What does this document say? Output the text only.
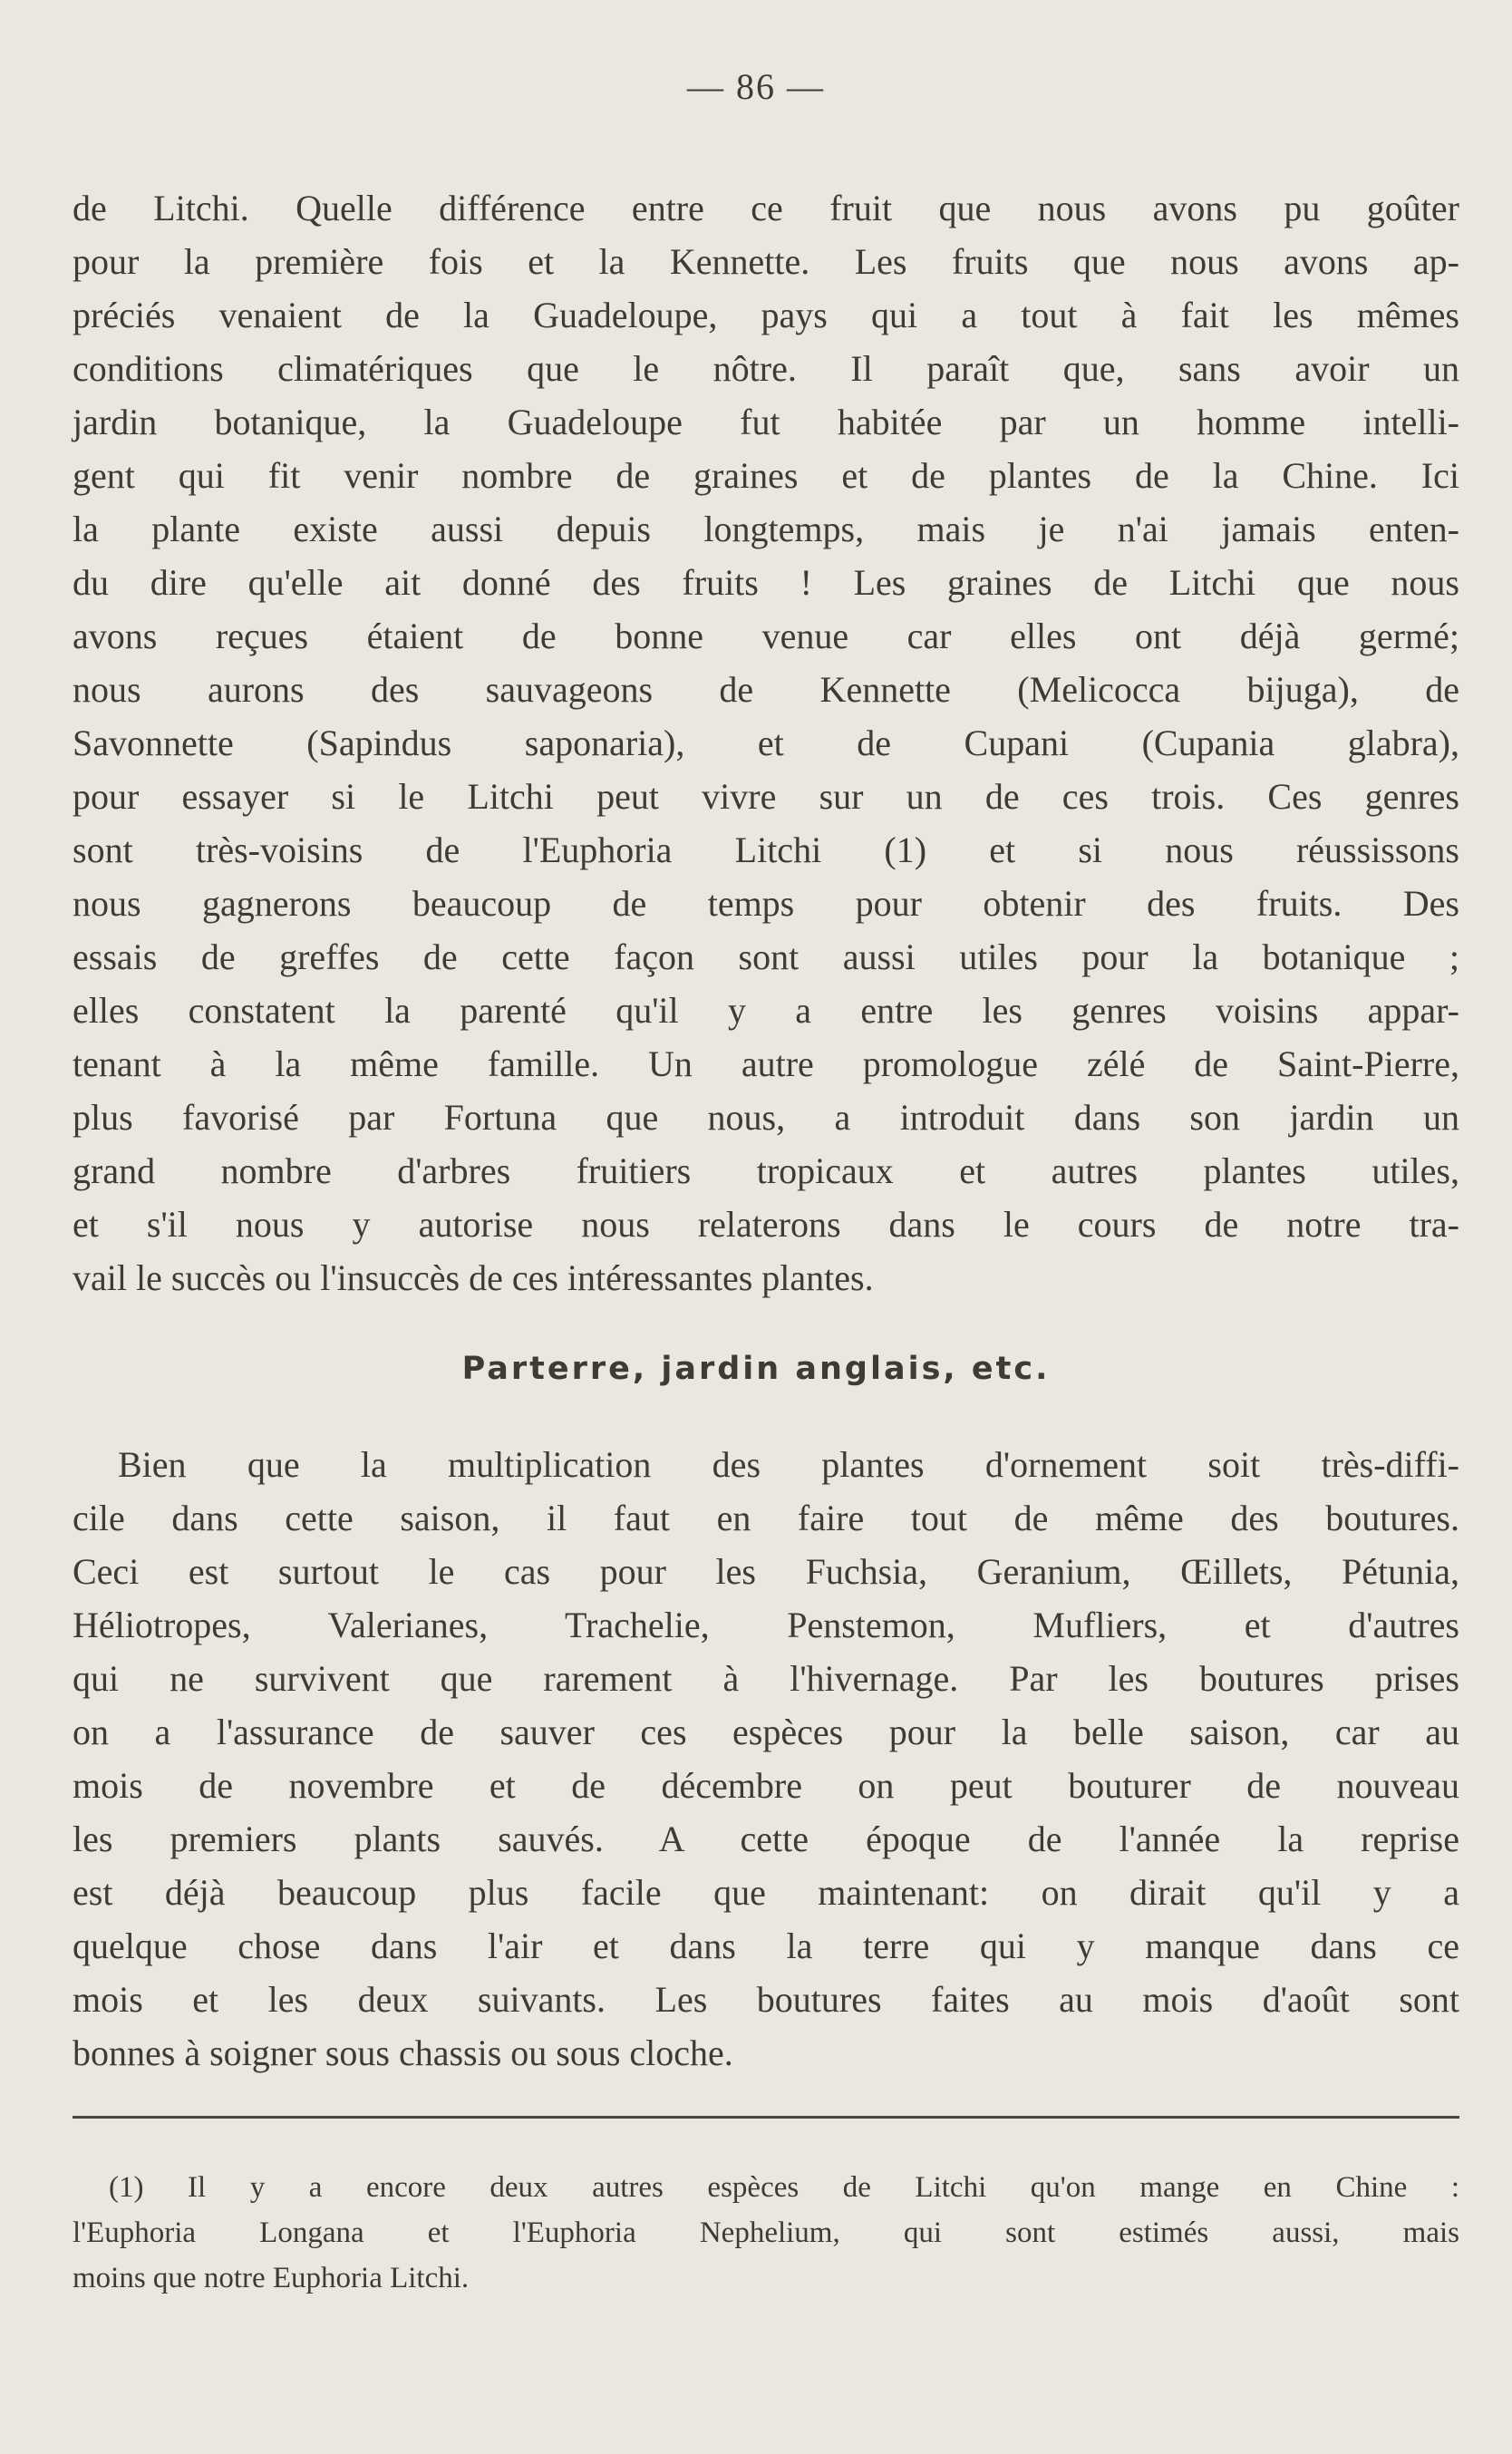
— 86 —
de Litchi. Quelle différence entre ce fruit que nous avons pu goûter
pour la première fois et la Kennette. Les fruits que nous avons ap-
préciés venaient de la Guadeloupe, pays qui a tout à fait les mêmes
conditions climatériques que le nôtre. Il paraît que, sans avoir un
jardin botanique, la Guadeloupe fut habitée par un homme intelli-
gent qui fit venir nombre de graines et de plantes de la Chine. Ici
la plante existe aussi depuis longtemps, mais je n'ai jamais enten-
du dire qu'elle ait donné des fruits ! Les graines de Litchi que nous
avons reçues étaient de bonne venue car elles ont déjà germé;
nous aurons des sauvageons de Kennette (Melicocca bijuga), de
Savonnette (Sapindus saponaria), et de Cupani (Cupania glabra),
pour essayer si le Litchi peut vivre sur un de ces trois. Ces genres
sont très-voisins de l'Euphoria Litchi (1) et si nous réussissons
nous gagnerons beaucoup de temps pour obtenir des fruits. Des
essais de greffes de cette façon sont aussi utiles pour la botanique ;
elles constatent la parenté qu'il y a entre les genres voisins appar-
tenant à la même famille. Un autre promologue zélé de Saint-Pierre,
plus favorisé par Fortuna que nous, a introduit dans son jardin un
grand nombre d'arbres fruitiers tropicaux et autres plantes utiles,
et s'il nous y autorise nous relaterons dans le cours de notre tra-
vail le succès ou l'insuccès de ces intéressantes plantes.
Parterre, jardin anglais, etc.
Bien que la multiplication des plantes d'ornement soit très-diffi-
cile dans cette saison, il faut en faire tout de même des boutures.
Ceci est surtout le cas pour les Fuchsia, Geranium, Œillets, Pétunia,
Héliotropes, Valerianes, Trachelie, Penstemon, Mufliers, et d'autres
qui ne survivent que rarement à l'hivernage. Par les boutures prises
on a l'assurance de sauver ces espèces pour la belle saison, car au
mois de novembre et de décembre on peut bouturer de nouveau
les premiers plants sauvés. A cette époque de l'année la reprise
est déjà beaucoup plus facile que maintenant: on dirait qu'il y a
quelque chose dans l'air et dans la terre qui y manque dans ce
mois et les deux suivants. Les boutures faites au mois d'août sont
bonnes à soigner sous chassis ou sous cloche.
(1) Il y a encore deux autres espèces de Litchi qu'on mange en Chine :
l'Euphoria Longana et l'Euphoria Nephelium, qui sont estimés aussi, mais
moins que notre Euphoria Litchi.
